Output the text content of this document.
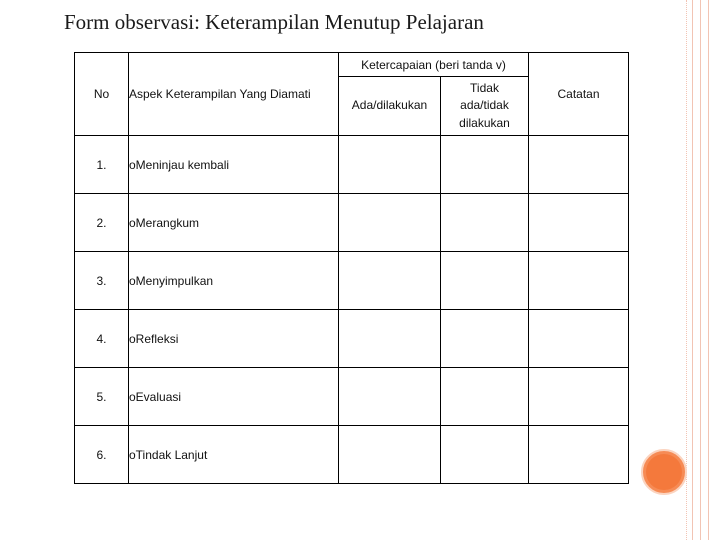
Form observasi: Keterampilan Menutup Pelajaran
No	Aspek Keterampilan Yang Diamati	Ketercapaian (beri tanda v)		Catatan
		Ada/dilakukan	Tidak
ada/tidak
dilakukan	
1.	oMeninjau kembali			
2.	oMerangkum			
3.	oMenyimpulkan			
4.	oRefleksi			
5.	oEvaluasi			
6.	oTindak Lanjut			
